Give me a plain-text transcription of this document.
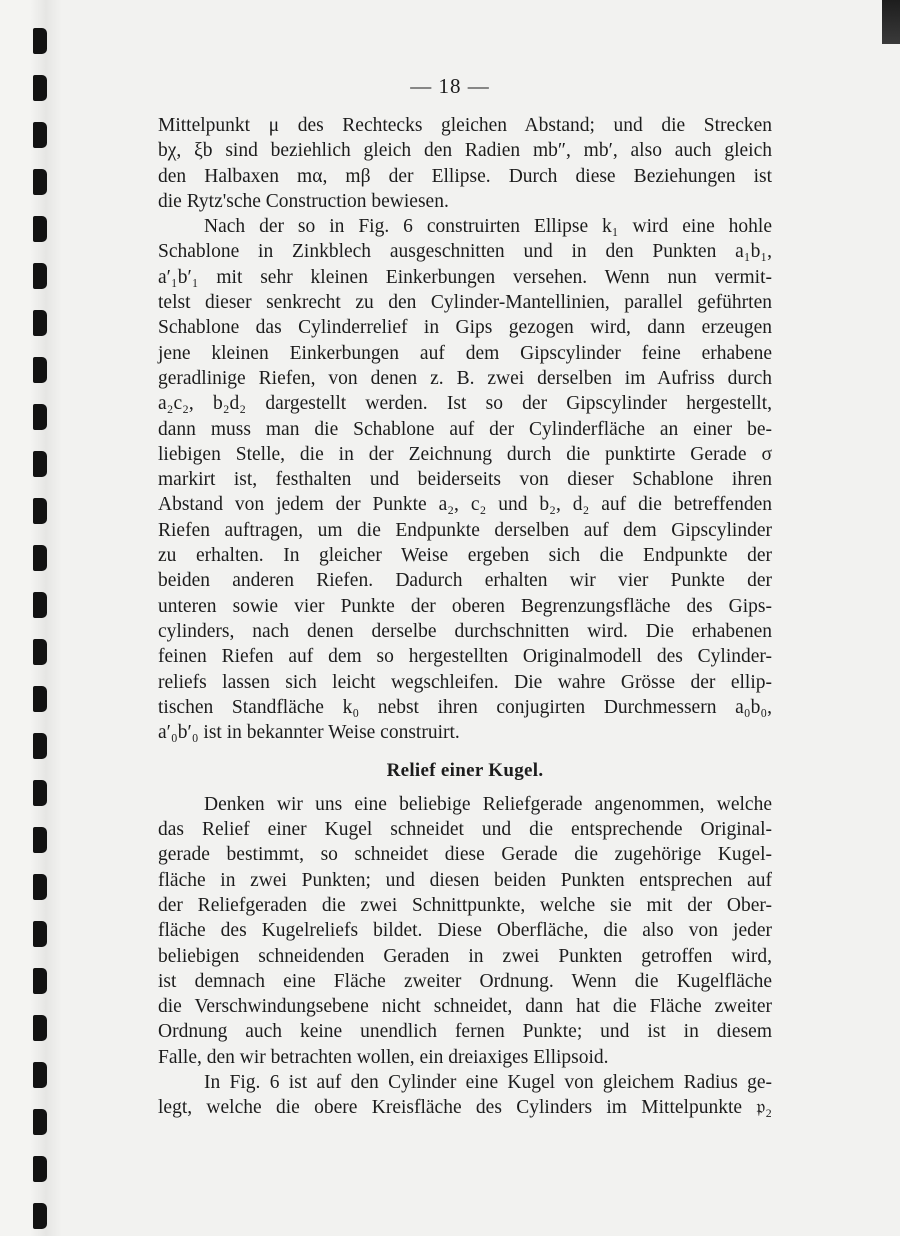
— 18 —
Mittelpunkt μ des Rechtecks gleichen Abstand; und die Strecken
bχ, ξb sind beziehlich gleich den Radien mb″, mb′, also auch gleich
den Halbaxen mα, mβ der Ellipse. Durch diese Beziehungen ist
die Rytz'sche Construction bewiesen.
Nach der so in Fig. 6 construirten Ellipse k₁ wird eine hohle
Schablone in Zinkblech ausgeschnitten und in den Punkten a₁b₁,
a′₁b′₁ mit sehr kleinen Einkerbungen versehen. Wenn nun vermit-
telst dieser senkrecht zu den Cylinder-Mantellinien, parallel geführten
Schablone das Cylinderrelief in Gips gezogen wird, dann erzeugen
jene kleinen Einkerbungen auf dem Gipscylinder feine erhabene
geradlinige Riefen, von denen z. B. zwei derselben im Aufriss durch
a₂c₂, b₂d₂ dargestellt werden. Ist so der Gipscylinder hergestellt,
dann muss man die Schablone auf der Cylinderfläche an einer be-
liebigen Stelle, die in der Zeichnung durch die punktirte Gerade σ
markirt ist, festhalten und beiderseits von dieser Schablone ihren
Abstand von jedem der Punkte a₂, c₂ und b₂, d₂ auf die betreffenden
Riefen auftragen, um die Endpunkte derselben auf dem Gipscylinder
zu erhalten. In gleicher Weise ergeben sich die Endpunkte der
beiden anderen Riefen. Dadurch erhalten wir vier Punkte der
unteren sowie vier Punkte der oberen Begrenzungsfläche des Gips-
cylinders, nach denen derselbe durchschnitten wird. Die erhabenen
feinen Riefen auf dem so hergestellten Originalmodell des Cylinder-
reliefs lassen sich leicht wegschleifen. Die wahre Grösse der ellip-
tischen Standfläche k₀ nebst ihren conjugirten Durchmessern a₀b₀,
a′₀b′₀ ist in bekannter Weise construirt.
Relief einer Kugel.
Denken wir uns eine beliebige Reliefgerade angenommen, welche
das Relief einer Kugel schneidet und die entsprechende Original-
gerade bestimmt, so schneidet diese Gerade die zugehörige Kugel-
fläche in zwei Punkten; und diesen beiden Punkten entsprechen auf
der Reliefgeraden die zwei Schnittpunkte, welche sie mit der Ober-
fläche des Kugelreliefs bildet. Diese Oberfläche, die also von jeder
beliebigen schneidenden Geraden in zwei Punkten getroffen wird,
ist demnach eine Fläche zweiter Ordnung. Wenn die Kugelfläche
die Verschwindungsebene nicht schneidet, dann hat die Fläche zweiter
Ordnung auch keine unendlich fernen Punkte; und ist in diesem
Falle, den wir betrachten wollen, ein dreiaxiges Ellipsoid.
In Fig. 6 ist auf den Cylinder eine Kugel von gleichem Radius ge-
legt, welche die obere Kreisfläche des Cylinders im Mittelpunkte 𝔭₂
